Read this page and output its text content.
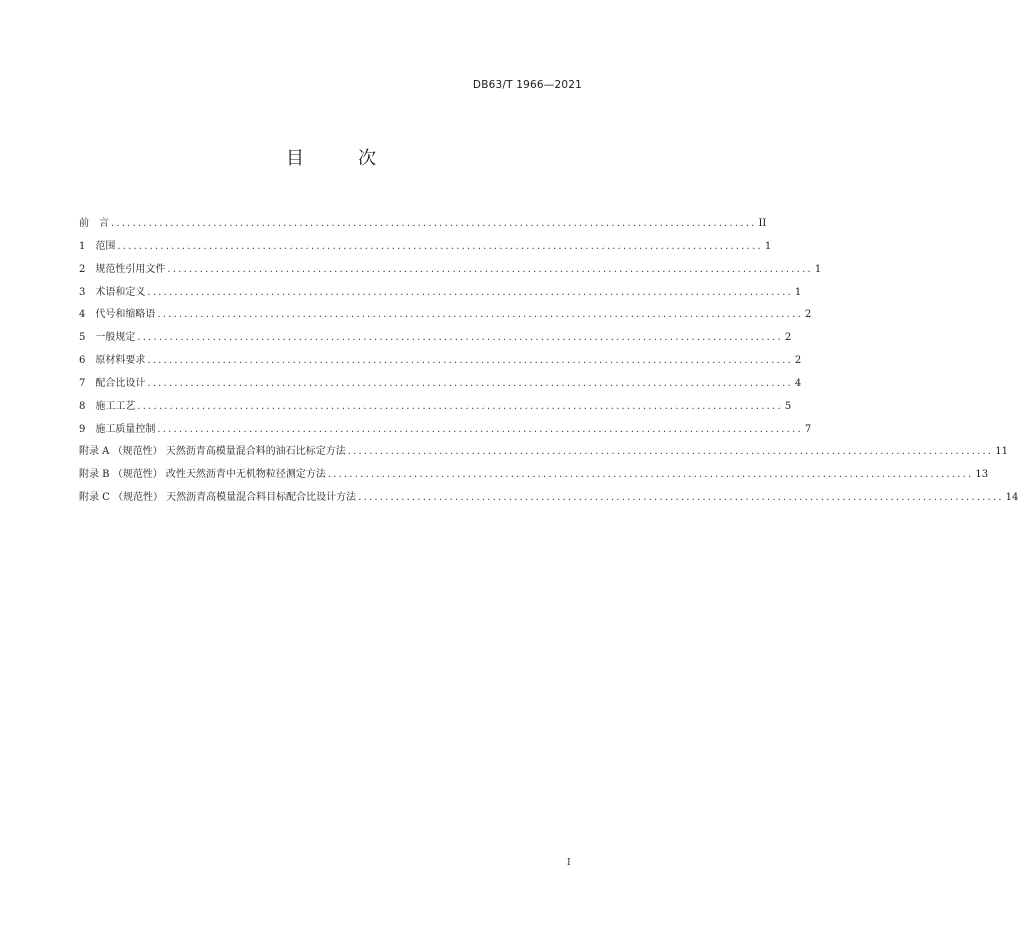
DB63/T 1966—2021
目　次
前　言 ........................................................................................................................ II
1　范围 ........................................................................................................................ 1
2　规范性引用文件 ........................................................................................................................ 1
3　术语和定义 ........................................................................................................................ 1
4　代号和缩略语 ........................................................................................................................ 2
5　一般规定 ........................................................................................................................ 2
6　原材料要求 ........................................................................................................................ 2
7　配合比设计 ........................................................................................................................ 4
8　施工工艺 ........................................................................................................................ 5
9　施工质量控制 ........................................................................................................................ 7
附录 A （规范性） 天然沥青高模量混合料的油石比标定方法 ........................................................................................................................ 11
附录 B （规范性） 改性天然沥青中无机物粒径测定方法 ........................................................................................................................ 13
附录 C （规范性） 天然沥青高模量混合料目标配合比设计方法 ........................................................................................................................ 14
I
